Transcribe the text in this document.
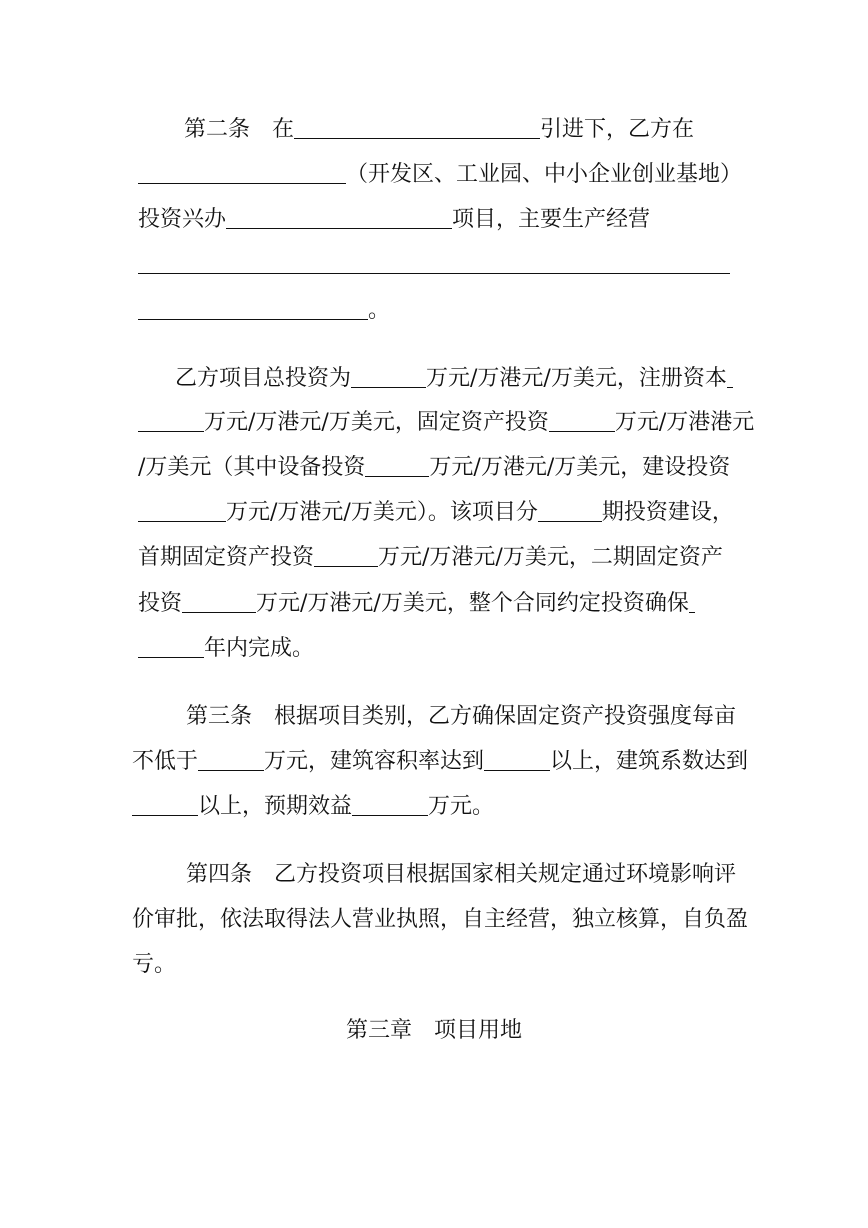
第二条　在	引进下，乙方在
（开发区、工业园、中小企业创业基地）
投资兴办	项目，主要生产经营
。
乙方项目总投资为	万元/万港元/万美元，注册资本
万元/万港元/万美元，固定资产投资	万元/万港港元
/万美元（其中设备投资	万元/万港元/万美元，建设投资
万元/万港元/万美元）。该项目分	期投资建设，
首期固定资产投资	万元/万港元/万美元，二期固定资产
投资	万元/万港元/万美元，整个合同约定投资确保
年内完成。
第三条　根据项目类别，乙方确保固定资产投资强度每亩
不低于	万元，建筑容积率达到	以上，建筑系数达到
以上，预期效益	万元。
第四条　乙方投资项目根据国家相关规定通过环境影响评
价审批，依法取得法人营业执照，自主经营，独立核算，自负盈
亏。
第三章　项目用地
